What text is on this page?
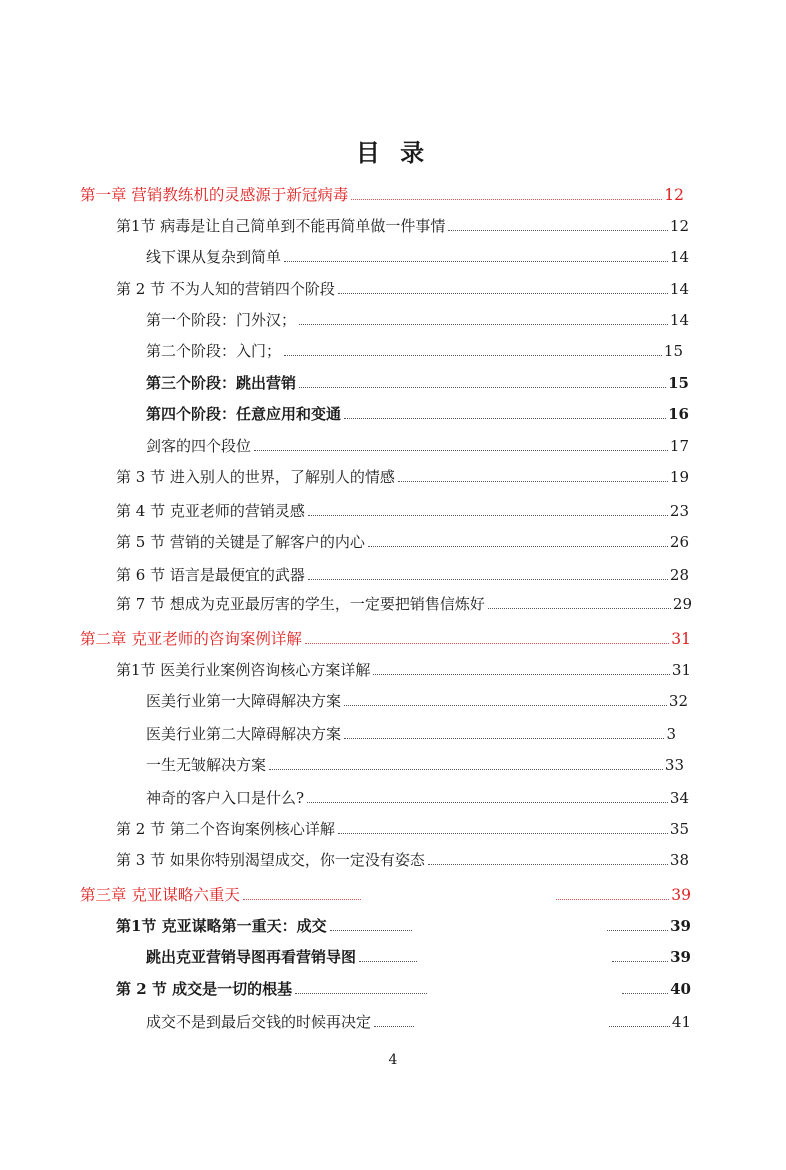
目 录
第一章 营销教练机的灵感源于新冠病毒	12
第1节 病毒是让自己简单到不能再简单做一件事情	12
线下课从复杂到简单	14
第 2 节 不为人知的营销四个阶段	14
第一个阶段：门外汉；	14
第二个阶段：入门；	15
第三个阶段：跳出营销	15
第四个阶段：任意应用和变通	16
剑客的四个段位	17
第 3 节 进入别人的世界，了解别人的情感	19
第 4 节 克亚老师的营销灵感	23
第 5 节 营销的关键是了解客户的内心	26
第 6 节 语言是最便宜的武器	28
第 7 节 想成为克亚最厉害的学生，一定要把销售信炼好	29
第二章 克亚老师的咨询案例详解	31
第1节 医美行业案例咨询核心方案详解	31
医美行业第一大障碍解决方案	32
医美行业第二大障碍解决方案	3
一生无皱解决方案	33
神奇的客户入口是什么?	34
第 2 节 第二个咨询案例核心详解	35
第 3 节 如果你特别渴望成交，你一定没有姿态	38
第三章 克亚谋略六重天	39
第1节 克亚谋略第一重天：成交	39
跳出克亚营销导图再看营销导图	39
第 2 节 成交是一切的根基	40
成交不是到最后交钱的时候再决定	41
4
